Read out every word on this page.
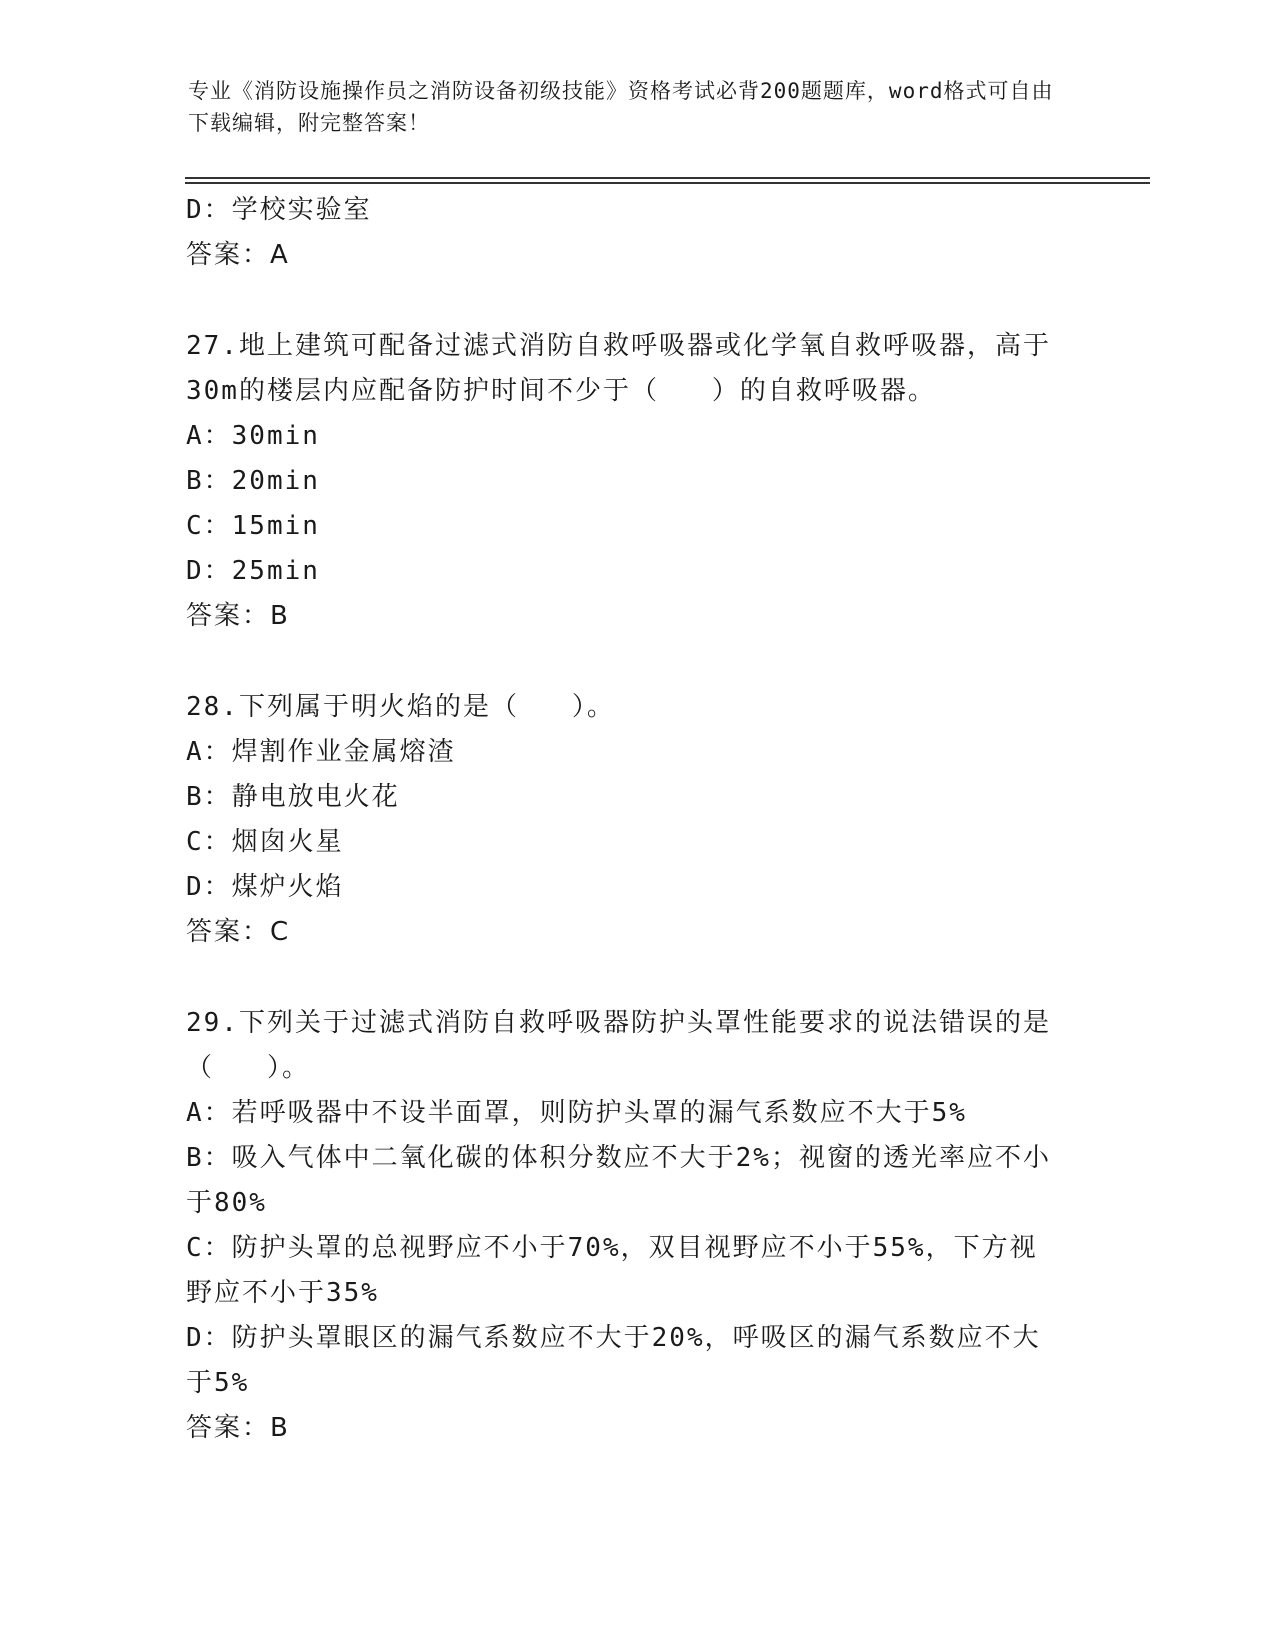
专业《消防设施操作员之消防设备初级技能》资格考试必背200题题库，word格式可自由下载编辑，附完整答案！
D：学校实验室
答案：A
27.地上建筑可配备过滤式消防自救呼吸器或化学氧自救呼吸器，高于
30m的楼层内应配备防护时间不少于（   ）的自救呼吸器。
A：30min
B：20min
C：15min
D：25min
答案：B
28.下列属于明火焰的是（   ）。
A：焊割作业金属熔渣
B：静电放电火花
C：烟囱火星
D：煤炉火焰
答案：C
29.下列关于过滤式消防自救呼吸器防护头罩性能要求的说法错误的是
（   ）。
A：若呼吸器中不设半面罩，则防护头罩的漏气系数应不大于5%
B：吸入气体中二氧化碳的体积分数应不大于2%；视窗的透光率应不小
于80%
C：防护头罩的总视野应不小于70%，双目视野应不小于55%，下方视
野应不小于35%
D：防护头罩眼区的漏气系数应不大于20%，呼吸区的漏气系数应不大
于5%
答案：B
